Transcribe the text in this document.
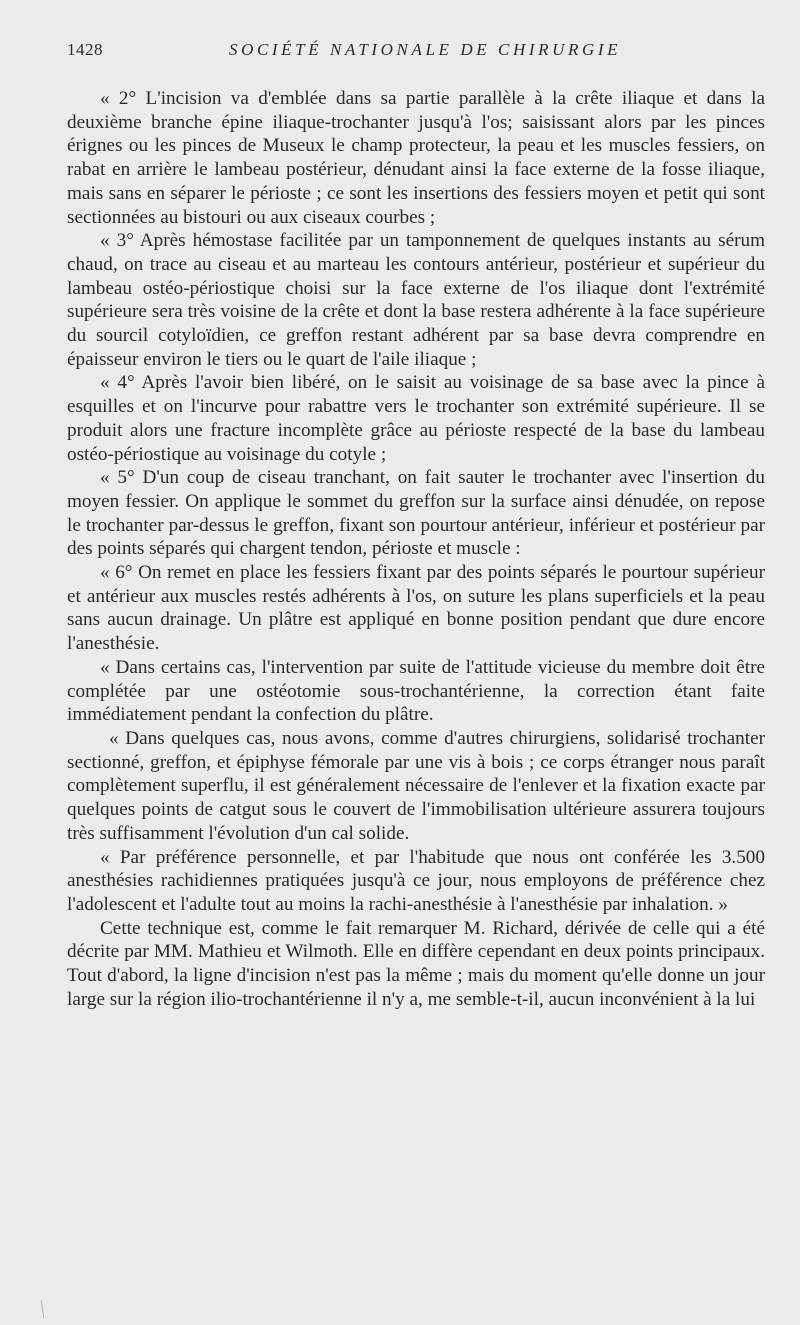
1428	SOCIÉTÉ NATIONALE DE CHIRURGIE

« 2° L'incision va d'emblée dans sa partie parallèle à la crête iliaque et dans la deuxième branche épine iliaque-trochanter jusqu'à l'os; saisissant alors par les pinces érignes ou les pinces de Museux le champ protecteur, la peau et les muscles fessiers, on rabat en arrière le lambeau postérieur, dénudant ainsi la face externe de la fosse iliaque, mais sans en séparer le périoste ; ce sont les insertions des fessiers moyen et petit qui sont sectionnées au bistouri ou aux ciseaux courbes ;

« 3° Après hémostase facilitée par un tamponnement de quelques instants au sérum chaud, on trace au ciseau et au marteau les contours antérieur, postérieur et supérieur du lambeau ostéo-périostique choisi sur la face externe de l'os iliaque dont l'extrémité supérieure sera très voisine de la crête et dont la base restera adhérente à la face supérieure du sourcil cotyloïdien, ce greffon restant adhérent par sa base devra comprendre en épaisseur environ le tiers ou le quart de l'aile iliaque ;

« 4° Après l'avoir bien libéré, on le saisit au voisinage de sa base avec la pince à esquilles et on l'incurve pour rabattre vers le trochanter son extrémité supérieure. Il se produit alors une fracture incomplète grâce au périoste respecté de la base du lambeau ostéo-périostique au voisinage du cotyle ;

« 5° D'un coup de ciseau tranchant, on fait sauter le trochanter avec l'insertion du moyen fessier. On applique le sommet du greffon sur la surface ainsi dénudée, on repose le trochanter par-dessus le greffon, fixant son pourtour antérieur, inférieur et postérieur par des points séparés qui chargent tendon, périoste et muscle :

« 6° On remet en place les fessiers fixant par des points séparés le pourtour supérieur et antérieur aux muscles restés adhérents à l'os, on suture les plans superficiels et la peau sans aucun drainage. Un plâtre est appliqué en bonne position pendant que dure encore l'anesthésie.

« Dans certains cas, l'intervention par suite de l'attitude vicieuse du membre doit être complétée par une ostéotomie sous-trochantérienne, la correction étant faite immédiatement pendant la confection du plâtre.

« Dans quelques cas, nous avons, comme d'autres chirurgiens, solidarisé trochanter sectionné, greffon, et épiphyse fémorale par une vis à bois ; ce corps étranger nous paraît complètement superflu, il est généralement nécessaire de l'enlever et la fixation exacte par quelques points de catgut sous le couvert de l'immobilisation ultérieure assurera toujours très suffisamment l'évolution d'un cal solide.

« Par préférence personnelle, et par l'habitude que nous ont conférée les 3.500 anesthésies rachidiennes pratiquées jusqu'à ce jour, nous employons de préférence chez l'adolescent et l'adulte tout au moins la rachi-anesthésie à l'anesthésie par inhalation. »

Cette technique est, comme le fait remarquer M. Richard, dérivée de celle qui a été décrite par MM. Mathieu et Wilmoth. Elle en diffère cependant en deux points principaux. Tout d'abord, la ligne d'incision n'est pas la même ; mais du moment qu'elle donne un jour large sur la région ilio-trochantérienne il n'y a, me semble-t-il, aucun inconvénient à la lui
